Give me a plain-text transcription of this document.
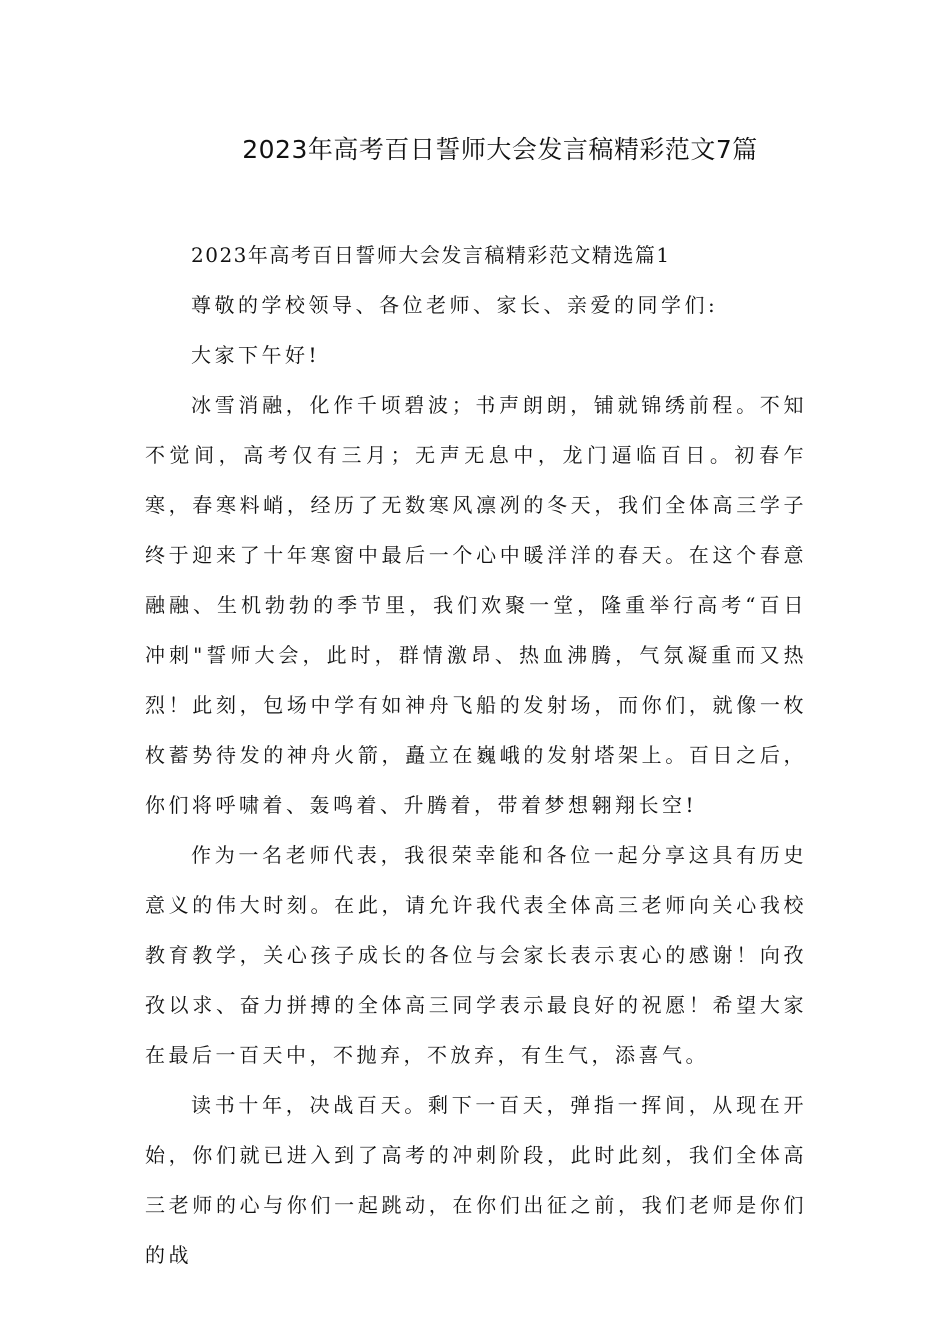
2023年高考百日誓师大会发言稿精彩范文7篇

2023年高考百日誓师大会发言稿精彩范文精选篇1

尊敬的学校领导、各位老师、家长、亲爱的同学们:

大家下午好!

冰雪消融，化作千顷碧波；书声朗朗，铺就锦绣前程。不知不觉间，高考仅有三月；无声无息中，龙门逼临百日。初春乍寒，春寒料峭，经历了无数寒风凛冽的冬天，我们全体高三学子终于迎来了十年寒窗中最后一个心中暖洋洋的春天。在这个春意融融、生机勃勃的季节里，我们欢聚一堂，隆重举行高考“百日冲刺"誓师大会，此时，群情激昂、热血沸腾，气氛凝重而又热烈！此刻，包场中学有如神舟飞船的发射场，而你们，就像一枚枚蓄势待发的神舟火箭，矗立在巍峨的发射塔架上。百日之后，你们将呼啸着、轰鸣着、升腾着，带着梦想翱翔长空!

作为一名老师代表，我很荣幸能和各位一起分享这具有历史意义的伟大时刻。在此，请允许我代表全体高三老师向关心我校教育教学，关心孩子成长的各位与会家长表示衷心的感谢！向孜孜以求、奋力拼搏的全体高三同学表示最良好的祝愿！希望大家在最后一百天中，不抛弃，不放弃，有生气，添喜气。

读书十年，决战百天。剩下一百天，弹指一挥间，从现在开始，你们就已进入到了高考的冲刺阶段，此时此刻，我们全体高三老师的心与你们一起跳动，在你们出征之前，我们老师是你们的战
